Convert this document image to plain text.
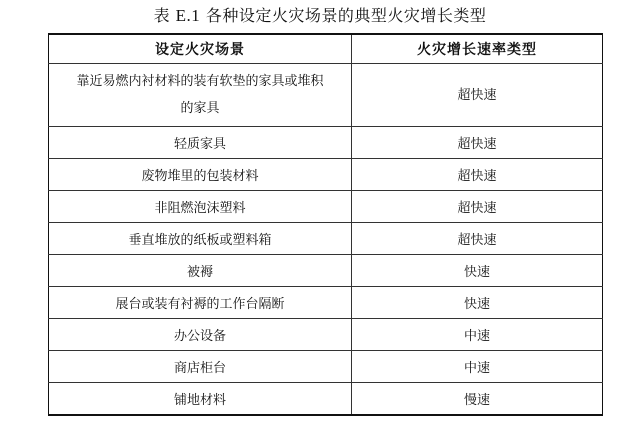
表 E.1 各种设定火灾场景的典型火灾增长类型
设定火灾场景	火灾增长速率类型

靠近易燃内衬材料的装有软垫的家具或堆积的家具	超快速
轻质家具	超快速
废物堆里的包装材料	超快速
非阻燃泡沫塑料	超快速
垂直堆放的纸板或塑料箱	超快速
被褥	快速
展台或装有衬褥的工作台隔断	快速
办公设备	中速
商店柜台	中速
铺地材料	慢速
